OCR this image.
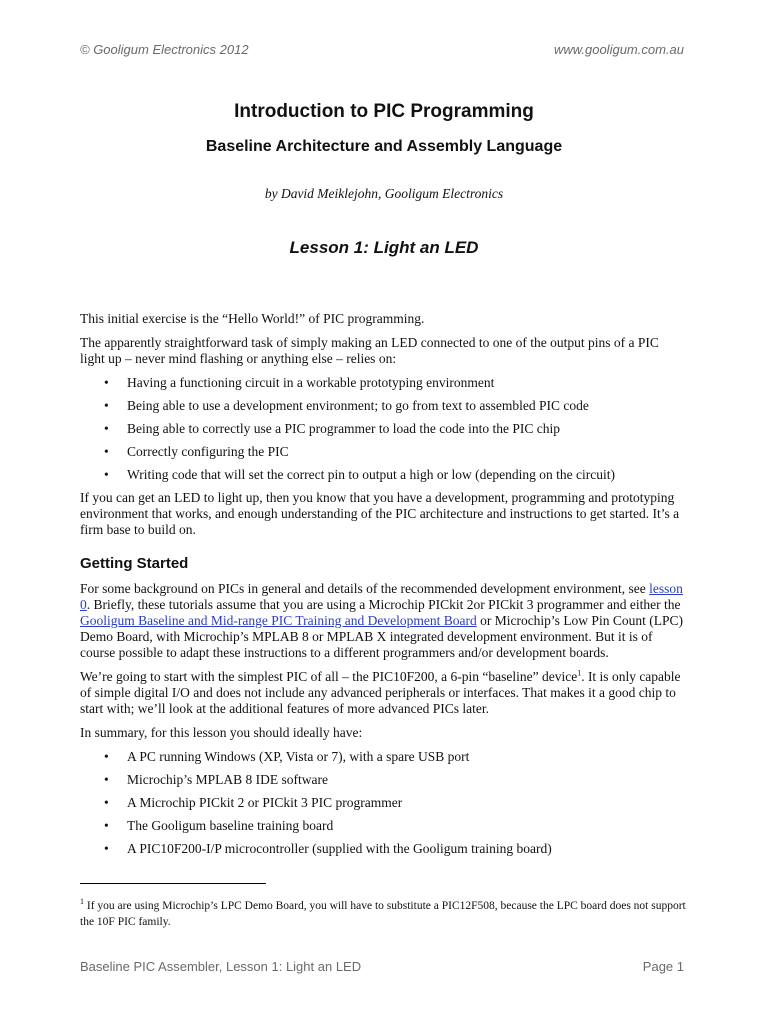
© Gooligum Electronics 2012	www.gooligum.com.au
Introduction to PIC Programming
Baseline Architecture and Assembly Language
by David Meiklejohn, Gooligum Electronics
Lesson 1: Light an LED

This initial exercise is the “Hello World!” of PIC programming.

The apparently straightforward task of simply making an LED connected to one of the output pins of a PIC light up – never mind flashing or anything else – relies on:

• Having a functioning circuit in a workable prototyping environment
• Being able to use a development environment; to go from text to assembled PIC code
• Being able to correctly use a PIC programmer to load the code into the PIC chip
• Correctly configuring the PIC
• Writing code that will set the correct pin to output a high or low (depending on the circuit)

If you can get an LED to light up, then you know that you have a development, programming and prototyping environment that works, and enough understanding of the PIC architecture and instructions to get started. It’s a firm base to build on.

Getting Started

For some background on PICs in general and details of the recommended development environment, see lesson 0. Briefly, these tutorials assume that you are using a Microchip PICkit 2or PICkit 3 programmer and either the Gooligum Baseline and Mid-range PIC Training and Development Board or Microchip’s Low Pin Count (LPC) Demo Board, with Microchip’s MPLAB 8 or MPLAB X integrated development environment. But it is of course possible to adapt these instructions to a different programmers and/or development boards.

We’re going to start with the simplest PIC of all – the PIC10F200, a 6-pin “baseline” device$^1$. It is only capable of simple digital I/O and does not include any advanced peripherals or interfaces. That makes it a good chip to start with; we’ll look at the additional features of more advanced PICs later.

In summary, for this lesson you should ideally have:

• A PC running Windows (XP, Vista or 7), with a spare USB port
• Microchip’s MPLAB 8 IDE software
• A Microchip PICkit 2 or PICkit 3 PIC programmer
• The Gooligum baseline training board
• A PIC10F200-I/P microcontroller (supplied with the Gooligum training board)
$^1$ If you are using Microchip’s LPC Demo Board, you will have to substitute a PIC12F508, because the LPC board does not support the 10F PIC family.
Baseline PIC Assembler, Lesson 1: Light an LED	Page 1
